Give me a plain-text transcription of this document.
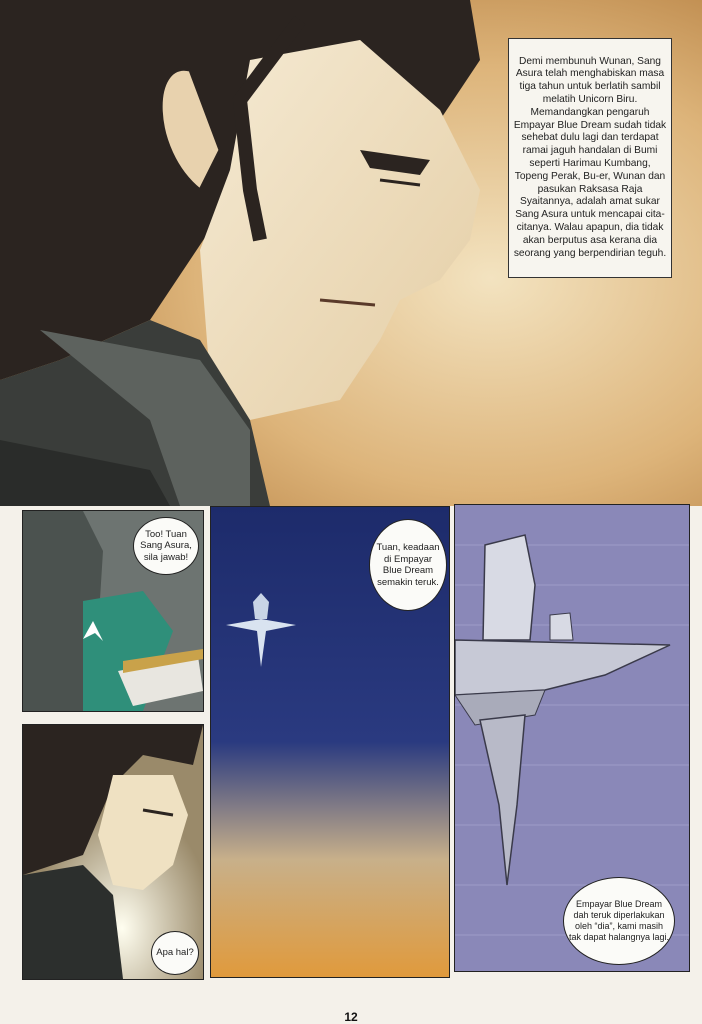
Demi membunuh Wunan, Sang Asura telah menghabiskan masa tiga tahun untuk berlatih sambil melatih Unicorn Biru. Memandangkan pengaruh Empayar Blue Dream sudah tidak sehebat dulu lagi dan terdapat ramai jaguh handalan di Bumi seperti Harimau Kumbang, Topeng Perak, Bu-er, Wunan dan pasukan Raksasa Raja Syaitannya, adalah amat sukar Sang Asura untuk mencapai cita-citanya. Walau apapun, dia tidak akan berputus asa kerana dia seorang yang berpendirian teguh.
Too! Tuan Sang Asura, sila jawab!
Apa hal?
Tuan, keadaan di Empayar Blue Dream semakin teruk.
Empayar Blue Dream dah teruk diperlakukan oleh “dia”, kami masih tak dapat halangnya lagi.
12
